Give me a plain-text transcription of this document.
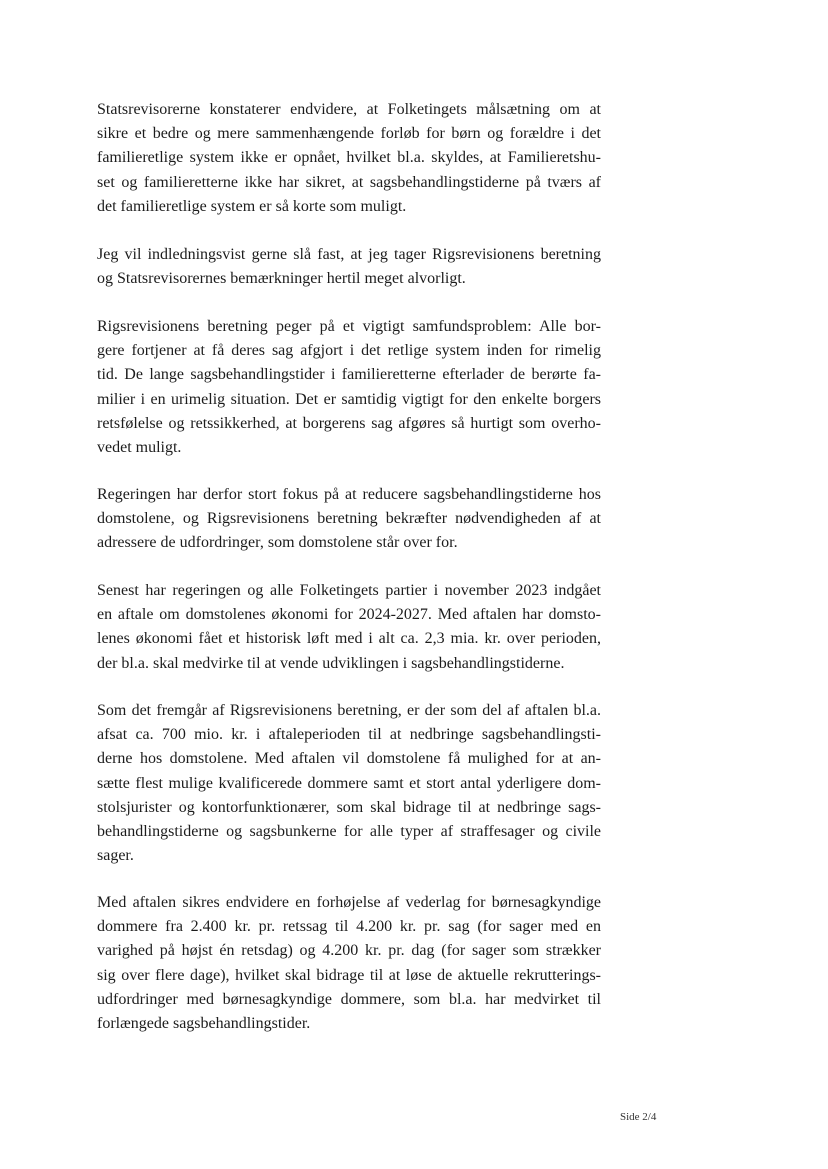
Statsrevisorerne konstaterer endvidere, at Folketingets målsætning om at
sikre et bedre og mere sammenhængende forløb for børn og forældre i det
familieretlige system ikke er opnået, hvilket bl.a. skyldes, at Familieretshu-
set og familieretterne ikke har sikret, at sagsbehandlingstiderne på tværs af
det familieretlige system er så korte som muligt.
Jeg vil indledningsvist gerne slå fast, at jeg tager Rigsrevisionens beretning
og Statsrevisorernes bemærkninger hertil meget alvorligt.
Rigsrevisionens beretning peger på et vigtigt samfundsproblem: Alle bor-
gere fortjener at få deres sag afgjort i det retlige system inden for rimelig
tid. De lange sagsbehandlingstider i familieretterne efterlader de berørte fa-
milier i en urimelig situation. Det er samtidig vigtigt for den enkelte borgers
retsfølelse og retssikkerhed, at borgerens sag afgøres så hurtigt som overho-
vedet muligt.
Regeringen har derfor stort fokus på at reducere sagsbehandlingstiderne hos
domstolene, og Rigsrevisionens beretning bekræfter nødvendigheden af at
adressere de udfordringer, som domstolene står over for.
Senest har regeringen og alle Folketingets partier i november 2023 indgået
en aftale om domstolenes økonomi for 2024-2027. Med aftalen har domsto-
lenes økonomi fået et historisk løft med i alt ca. 2,3 mia. kr. over perioden,
der bl.a. skal medvirke til at vende udviklingen i sagsbehandlingstiderne.
Som det fremgår af Rigsrevisionens beretning, er der som del af aftalen bl.a.
afsat ca. 700 mio. kr. i aftaleperioden til at nedbringe sagsbehandlingsti-
derne hos domstolene. Med aftalen vil domstolene få mulighed for at an-
sætte flest mulige kvalificerede dommere samt et stort antal yderligere dom-
stolsjurister og kontorfunktionærer, som skal bidrage til at nedbringe sags-
behandlingstiderne og sagsbunkerne for alle typer af straffesager og civile
sager.
Med aftalen sikres endvidere en forhøjelse af vederlag for børnesagkyndige
dommere fra 2.400 kr. pr. retssag til 4.200 kr. pr. sag (for sager med en
varighed på højst én retsdag) og 4.200 kr. pr. dag (for sager som strækker
sig over flere dage), hvilket skal bidrage til at løse de aktuelle rekrutterings-
udfordringer med børnesagkyndige dommere, som bl.a. har medvirket til
forlængede sagsbehandlingstider.
Side 2/4
